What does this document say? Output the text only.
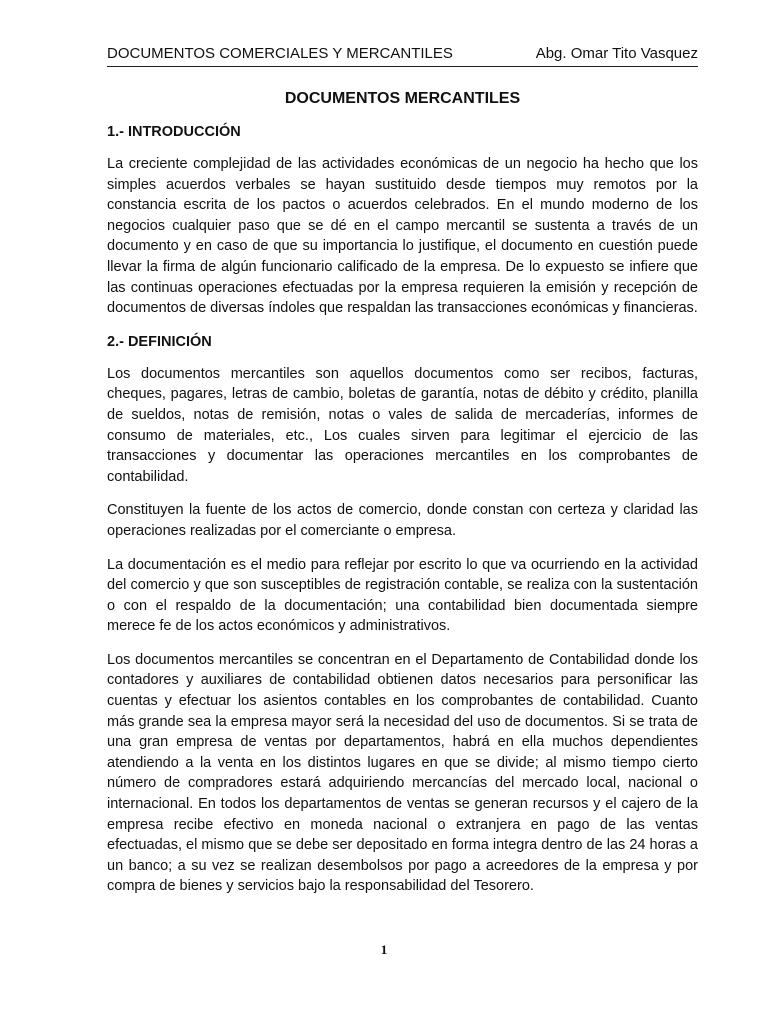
DOCUMENTOS COMERCIALES Y MERCANTILES	Abg. Omar Tito Vasquez
DOCUMENTOS MERCANTILES
1.- INTRODUCCIÓN

La creciente complejidad de las actividades económicas de un negocio ha hecho que los simples acuerdos verbales se hayan sustituido desde tiempos muy remotos por la constancia escrita de los pactos o acuerdos celebrados. En el mundo moderno de los negocios cualquier paso que se dé en el campo mercantil se sustenta a través de un documento y en caso de que su importancia lo justifique, el documento en cuestión puede llevar la firma de algún funcionario calificado de la empresa. De lo expuesto se infiere que las continuas operaciones efectuadas por la empresa requieren la emisión y recepción de documentos de diversas índoles que respaldan las transacciones económicas y financieras.

2.- DEFINICIÓN

Los documentos mercantiles son aquellos documentos como ser recibos, facturas, cheques, pagares, letras de cambio, boletas de garantía, notas de débito y crédito, planilla de sueldos, notas de remisión, notas o vales de salida de mercaderías, informes de consumo de materiales, etc., Los cuales sirven para legitimar el ejercicio de las transacciones y documentar las operaciones mercantiles en los comprobantes de contabilidad.

Constituyen la fuente de los actos de comercio, donde constan con certeza y claridad las operaciones realizadas por el comerciante o empresa.

La documentación es el medio para reflejar por escrito lo que va ocurriendo en la actividad del comercio y que son susceptibles de registración contable, se realiza con la sustentación o con el respaldo de la documentación; una contabilidad bien documentada siempre merece fe de los actos económicos y administrativos.

Los documentos mercantiles se concentran en el Departamento de Contabilidad donde los contadores y auxiliares de contabilidad obtienen datos necesarios para personificar las cuentas y efectuar los asientos contables en los comprobantes de contabilidad. Cuanto más grande sea la empresa mayor será la necesidad del uso de documentos. Si se trata de una gran empresa de ventas por departamentos, habrá en ella muchos dependientes atendiendo a la venta en los distintos lugares en que se divide; al mismo tiempo cierto número de compradores estará adquiriendo mercancías del mercado local, nacional o internacional. En todos los departamentos de ventas se generan recursos y el cajero de la empresa recibe efectivo en moneda nacional o extranjera en pago de las ventas efectuadas, el mismo que se debe ser depositado en forma integra dentro de las 24 horas a un banco; a su vez se realizan desembolsos por pago a acreedores de la empresa y por compra de bienes y servicios bajo la responsabilidad del Tesorero.

1
